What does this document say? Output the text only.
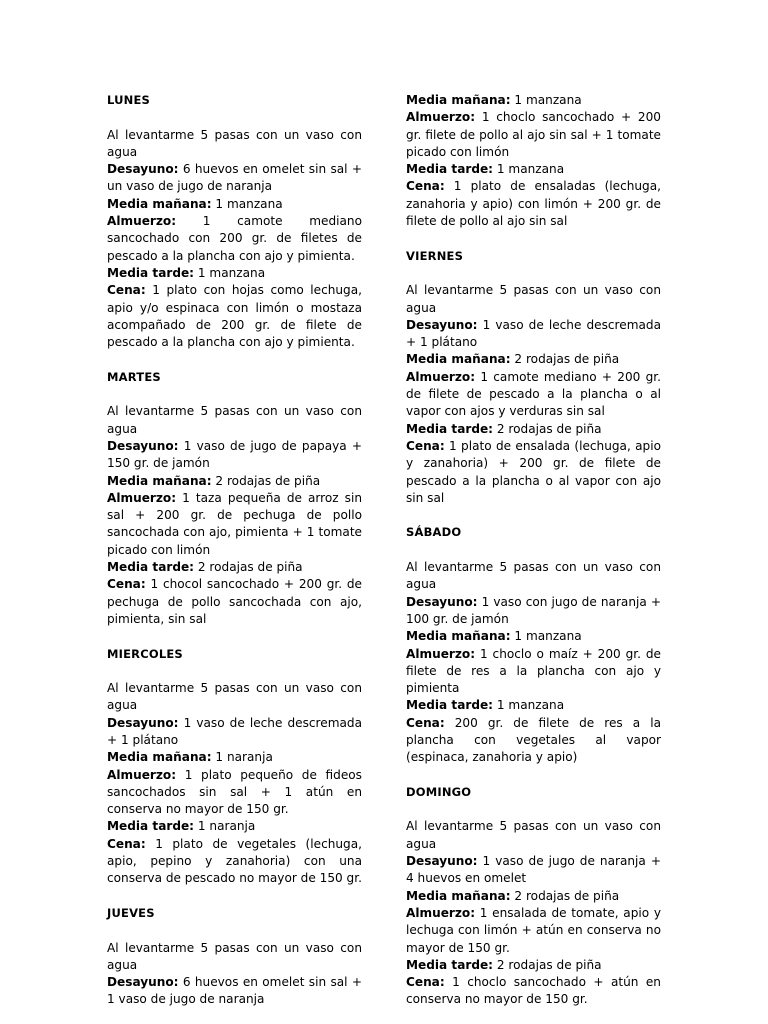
LUNES
Al levantarme 5 pasas con un vaso con agua
Desayuno: 6 huevos en omelet sin sal + un vaso de jugo de naranja
Media mañana: 1 manzana
Almuerzo: 1 camote mediano sancochado con 200 gr. de filetes de pescado a la plancha con ajo y pimienta.
Media tarde: 1 manzana
Cena: 1 plato con hojas como lechuga, apio y/o espinaca con limón o mostaza acompañado de 200 gr. de filete de pescado a la plancha con ajo y pimienta.
MARTES
Al levantarme 5 pasas con un vaso con agua
Desayuno: 1 vaso de jugo de papaya + 150 gr. de jamón
Media mañana: 2 rodajas de piña
Almuerzo: 1 taza pequeña de arroz sin sal + 200 gr. de pechuga de pollo sancochada con ajo, pimienta + 1 tomate picado con limón
Media tarde: 2 rodajas de piña
Cena: 1 chocol sancochado + 200 gr. de pechuga de pollo sancochada con ajo, pimienta, sin sal
MIERCOLES
Al levantarme 5 pasas con un vaso con agua
Desayuno: 1 vaso de leche descremada + 1 plátano
Media mañana: 1 naranja
Almuerzo: 1 plato pequeño de fideos sancochados sin sal + 1 atún en conserva no mayor de 150 gr.
Media tarde: 1 naranja
Cena: 1 plato de vegetales (lechuga, apio, pepino y zanahoria) con una conserva de pescado no mayor de 150 gr.
JUEVES
Al levantarme 5 pasas con un vaso con agua
Desayuno: 6 huevos en omelet sin sal + 1 vaso de jugo de naranja
Media mañana: 1 manzana
Almuerzo: 1 choclo sancochado + 200 gr. filete de pollo al ajo sin sal + 1 tomate picado con limón
Media tarde: 1 manzana
Cena: 1 plato de ensaladas (lechuga, zanahoria y apio) con limón + 200 gr. de filete de pollo al ajo sin sal
VIERNES
Al levantarme 5 pasas con un vaso con agua
Desayuno: 1 vaso de leche descremada + 1 plátano
Media mañana: 2 rodajas de piña
Almuerzo: 1 camote mediano + 200 gr. de filete de pescado a la plancha o al vapor con ajos y verduras sin sal
Media tarde: 2 rodajas de piña
Cena: 1 plato de ensalada (lechuga, apio y zanahoria) + 200 gr. de filete de pescado a la plancha o al vapor con ajo sin sal
SÁBADO
Al levantarme 5 pasas con un vaso con agua
Desayuno: 1 vaso con jugo de naranja + 100 gr. de jamón
Media mañana: 1 manzana
Almuerzo: 1 choclo o maíz + 200 gr. de filete de res a la plancha con ajo y pimienta
Media tarde: 1 manzana
Cena: 200 gr. de filete de res a la plancha con vegetales al vapor (espinaca, zanahoria y apio)
DOMINGO
Al levantarme 5 pasas con un vaso con agua
Desayuno: 1 vaso de jugo de naranja + 4 huevos en omelet
Media mañana: 2 rodajas de piña
Almuerzo: 1 ensalada de tomate, apio y lechuga con limón + atún en conserva no mayor de 150 gr.
Media tarde: 2 rodajas de piña
Cena: 1 choclo sancochado + atún en conserva no mayor de 150 gr.
